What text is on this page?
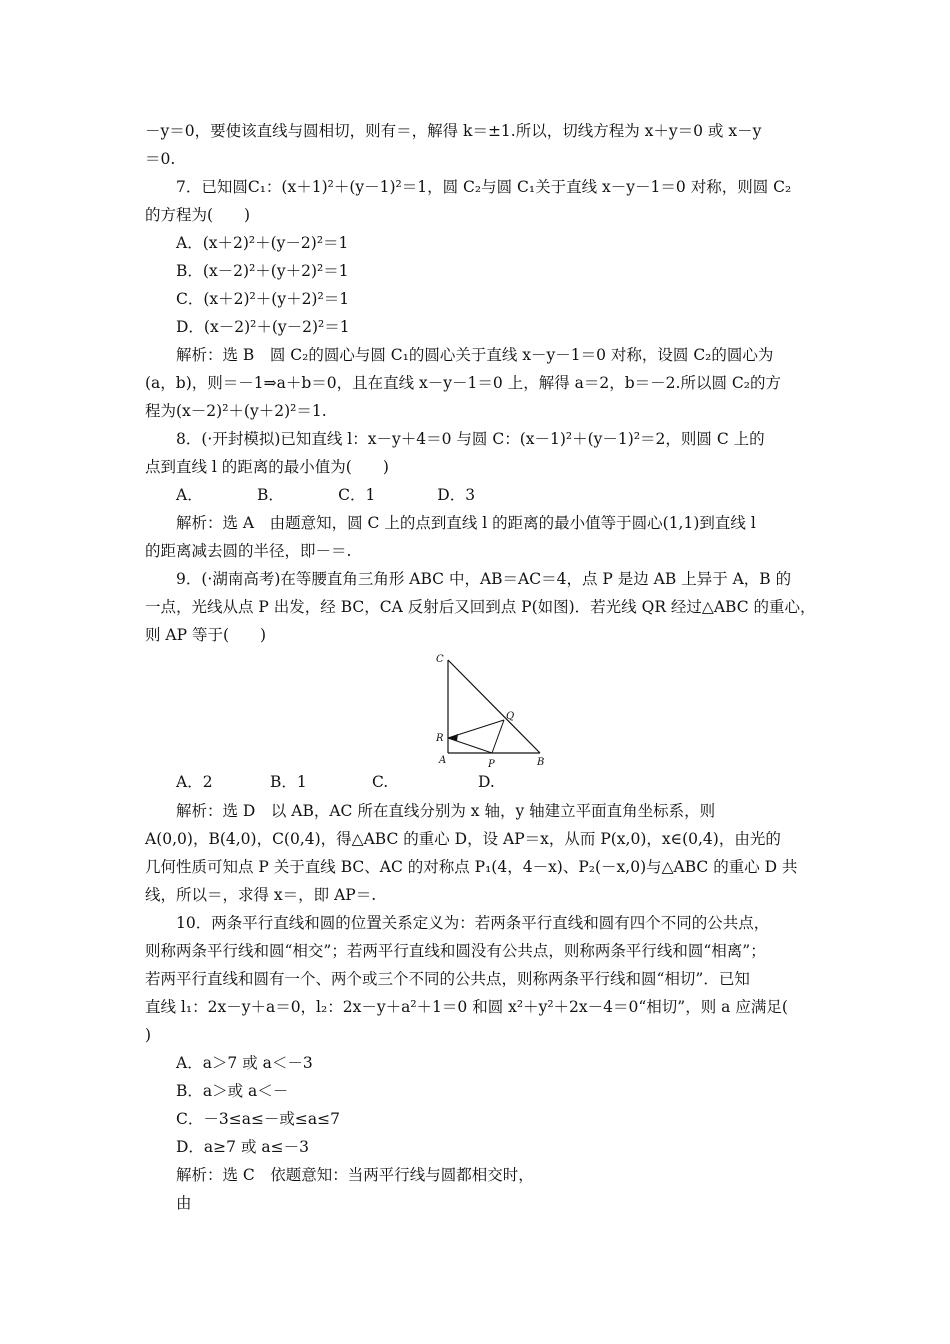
－y＝0，要使该直线与圆相切，则有＝，解得 k＝±1.所以，切线方程为 x＋y＝0 或 x－y
＝0.
7．已知圆C₁：(x＋1)²＋(y－1)²＝1，圆 C₂与圆 C₁关于直线 x－y－1＝0 对称，则圆 C₂
的方程为(　　)
A．(x＋2)²＋(y－2)²＝1
B．(x－2)²＋(y＋2)²＝1
C．(x＋2)²＋(y＋2)²＝1
D．(x－2)²＋(y－2)²＝1
解析：选 B　圆 C₂的圆心与圆 C₁的圆心关于直线 x－y－1＝0 对称，设圆 C₂的圆心为
(a，b)，则＝－1⇒a＋b＝0，且在直线 x－y－1＝0 上，解得 a＝2，b＝－2.所以圆 C₂的方
程为(x－2)²＋(y＋2)²＝1.
8．(·开封模拟)已知直线 l：x－y＋4＝0 与圆 C：(x－1)²＋(y－1)²＝2，则圆 C 上的
点到直线 l 的距离的最小值为(　　)
A．　　　　B．　　　　C．1　　　　D．3
解析：选 A　由题意知，圆 C 上的点到直线 l 的距离的最小值等于圆心(1,1)到直线 l
的距离减去圆的半径，即－＝.
9．(·湖南高考)在等腰直角三角形 ABC 中，AB＝AC＝4，点 P 是边 AB 上异于 A，B 的
一点，光线从点 P 出发，经 BC，CA 反射后又回到点 P(如图)．若光线 QR 经过△ABC 的重心，
则 AP 等于(　　)
C
Q
R
A	P	B
A．2	B．1	C.	D.
解析：选 D　以 AB，AC 所在直线分别为 x 轴，y 轴建立平面直角坐标系，则
A(0,0)，B(4,0)，C(0,4)，得△ABC 的重心 D，设 AP＝x，从而 P(x,0)，x∈(0,4)，由光的
几何性质可知点 P 关于直线 BC、AC 的对称点 P₁(4，4－x)、P₂(－x,0)与△ABC 的重心 D 共
线，所以＝，求得 x＝，即 AP＝.
10．两条平行直线和圆的位置关系定义为：若两条平行直线和圆有四个不同的公共点，
则称两条平行线和圆“相交”；若两平行直线和圆没有公共点，则称两条平行线和圆“相离”；
若两平行直线和圆有一个、两个或三个不同的公共点，则称两条平行线和圆“相切”．已知
直线 l₁：2x－y＋a＝0，l₂：2x－y＋a²＋1＝0 和圆 x²＋y²＋2x－4＝0“相切”，则 a 应满足(
)
A．a＞7 或 a＜－3
B．a＞或 a＜－
C．－3≤a≤－或≤a≤7
D．a≥7 或 a≤－3
解析：选 C　依题意知：当两平行线与圆都相交时，
由
